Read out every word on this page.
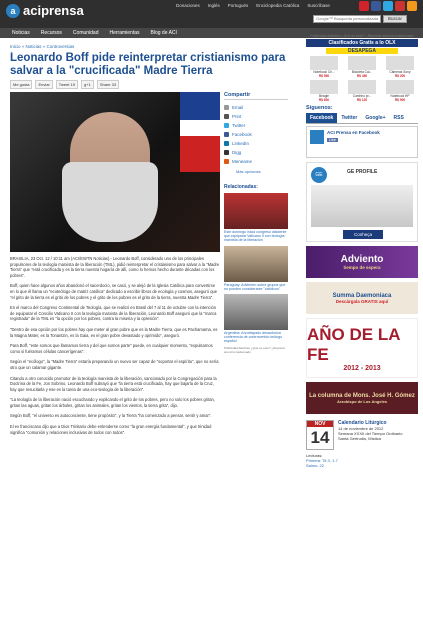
a aciprensa	Donaciones Inglés Portugués Enciclopedia Católica Suscríbase
Google™ Búsqueda personalizada	Buscar
Noticias Recursos Comunidad Herramientas Blog de ACI
Inicio » Noticias » Controversias
Leonardo Boff pide reinterpretar cristianismo para salvar a la "crucificada" Madre Tierra
Me gusta	Enviar	Tweet 19	g+1	Share 33
Compartir
Email
Print
Twitter
Facebook
LinkedIn
Digg
Meneame
Más opciones
Relacionadas:
Este domingo inicia congreso disidente que equiparar Vaticano II con teología marxista de la liberación
Paraguay: Advierten sobre grupos que no pueden considerarse "católicos"
Argentina: Arzobispado desautoriza conferencia de controvertido teólogo español
Publicidad Adwrtise ¿Qué es esto? ¿Reportar anuncio inadecuado

BRASILIA, 23 Oct. 12 / 10:11 am (ACI/EWTN Noticias).- Leonardo Boff, considerado uno de los principales propulsores de la teología marxista de la liberación (TML), pidió reinterpretar el cristianismo para salvar a la "Madre Tierra" que "está crucificada y es la tierra nuestra hogaría de allí, como lo hemos hecho durante décadas con los pobres".

Boff, quien hace algunos años abandonó el sacerdocio, se casó, y se alejó de la Iglesia Católica para convertirse en lo que él llama un "ecoteólogo de matriz católica" dedicado a escribir libros de ecología y cosmos, aseguró que "el grito de la tierra es el grito de los pobres y el grito de los pobres es el grito de la tierra, nuestra Madre Tierra".

En el marco del Congreso Continental de Teología, que se realizó en Brasil del 7 al 11 de octubre con la intención de equiparar el Concilio Vaticano II con la teología marxista de la liberación, Leonardo Boff aseguró que la "marca registrada" de la TML es "la opción por los pobres, contra la miseria y la opresión".

"Dentro de esa opción por los pobres hay que meter al gran pobre que es la Madre Tierra, que es Pachamama, es la Magna Mater, es la Tonantzin, es la Gaia, es el gran pobre devastado y oprimido", aseguró.

Para Boff, "este somos que llamamos tierra y del que somos parte" puede, en cualquier momento, "expulsarnos como si fuéramos células cancerígenas".

Según el "ecólogo", la "Madre Tierra" estaría preparando un nuevo ser capaz de "soportar el espíritu", que no sería otro que un calamar gigante.

Citando a otro conocido promotor de la teología marxista de la liberación, sancionado por la Congregación para la Doctrina de la Fe, Jon Sobrino, Leonardo Boff subrayó que "la tierra está crucificada, hay que bajarla de la Cruz, hay que resucitarla y ese es la tarea de una eco-teología de la liberación".

"La teología de la liberación nació escuchando y explicando el grito de los pobres, pero no solo los pobres gritan, gritan las aguas, gritan los árboles, gritan los animales, gritan los vientos, la tierra grita", dijo.

Según Boff, "el universo es autoconciente, tiene propósito", y la Tierra "ha comenzado a pensar, sentir y amar".

El ex franciscano dijo que a Dios Trinitario debe entenderse como "la gran energía fundamental", y que trinidad significa "comunión y relaciones inclusivas de todos con todos".

Publicidad Adwrtise ¿Qué es esto? ¿Reportar anuncio inadecuado
Clasificados Gratis a lo OLX
DESAPEGA
Notebook Ch...
R$ 550
Bicicleta Cal...
R$ 450
Câmeras Sony
R$ 200
Beagle
R$ 600
Carrinho pr...
R$ 120
Notebook HP
R$ 900
Síguenos:
Facebook	Twitter	Google+	RSS
ACI Prensa en Facebook
Like
GE	GE PROFILE
Conheça
Adviento
tiempo de espera
Summa Daemoniaca
Descárgala GRATIS aquí
AÑO DE LA FE
2012 - 2013
La columna de Mons. José H. Gómez
Arzobispo de Los Angeles
NOV
14
Calendario Litúrgico
14 de noviembre de 2012
Semana XXXII del Tiempo Ordinario
Santa Gertrudis, Mística
Lecturas:
Primera: Tit 3, 1-7
Salmo: 22
